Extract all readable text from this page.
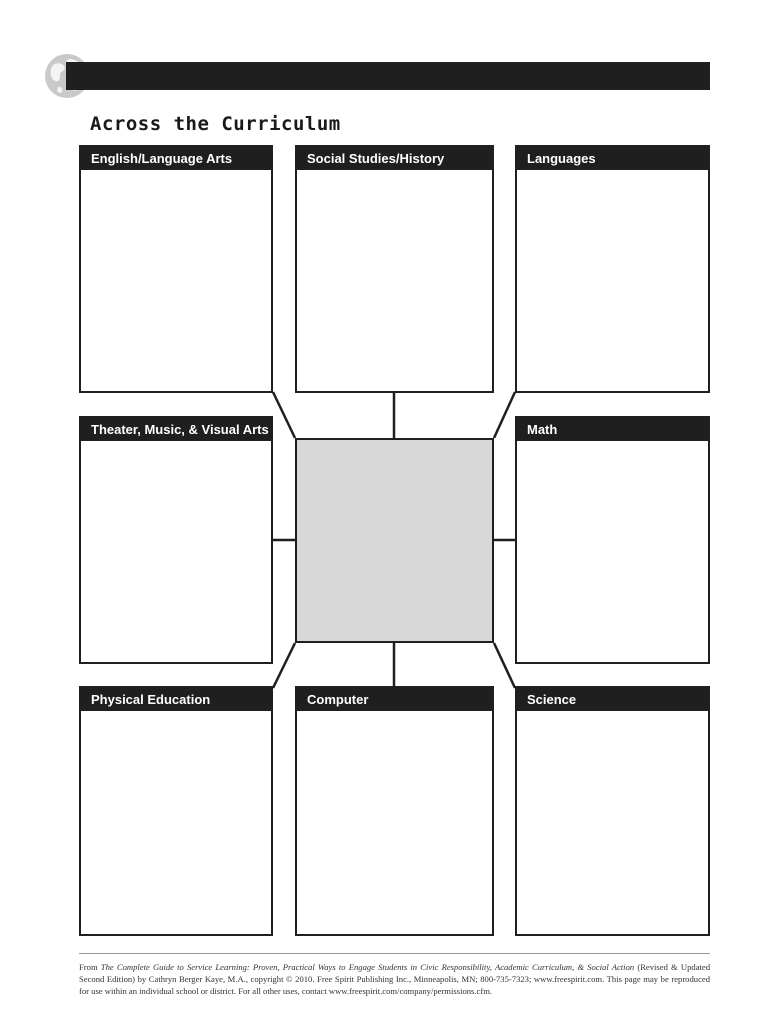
Across the Curriculum
English/Language Arts	Social Studies/History	Languages
Theater, Music, & Visual Arts	Math
Physical Education	Computer	Science

From The Complete Guide to Service Learning: Proven, Practical Ways to Engage Students in Civic Responsibility, Academic Curriculum, & Social Action (Revised & Updated Second Edition) by Cathryn Berger Kaye, M.A., copyright © 2010. Free Spirit Publishing Inc., Minneapolis, MN; 800-735-7323; www.freespirit.com. This page may be reproduced for use within an individual school or district. For all other uses, contact www.freespirit.com/company/permissions.cfm.
